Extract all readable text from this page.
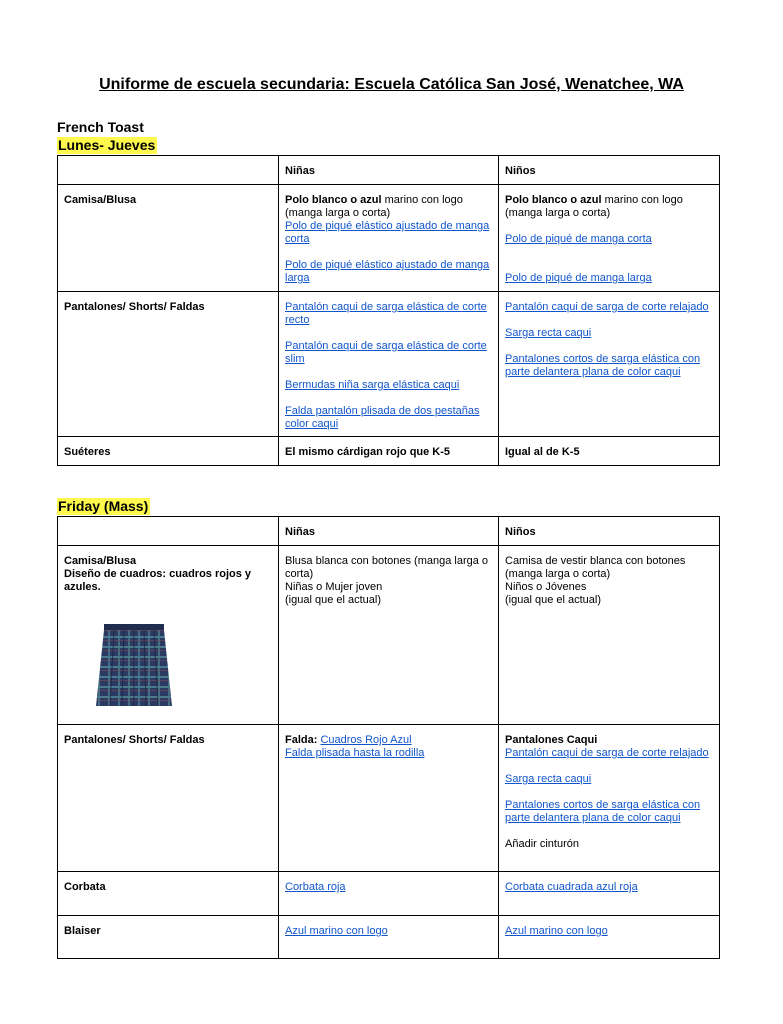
Uniforme de escuela secundaria: Escuela Católica San José, Wenatchee, WA
French Toast
Lunes- Jueves
	Niñas	Niños
Camisa/Blusa	Polo blanco o azul marino con logo (manga larga o corta)
Polo de piqué elástico ajustado de manga corta
Polo de piqué elástico ajustado de manga larga	Polo blanco o azul marino con logo (manga larga o corta)
Polo de piqué de manga corta
Polo de piqué de manga larga

Pantalones/ Shorts/ Faldas	Pantalón caqui de sarga elástica de corte recto
Pantalón caqui de sarga elástica de corte slim
Bermudas niña sarga elástica caqui
Falda pantalón plisada de dos pestañas color caqui	Pantalón caqui de sarga de corte relajado
Sarga recta caqui
Pantalones cortos de sarga elástica con parte delantera plana de color caqui

Suéteres	El mismo cárdigan rojo que K-5	Igual al de K-5
Friday (Mass)
	Niñas	Niños

Camisa/Blusa
Diseño de cuadros: cuadros rojos y azules.	Blusa blanca con botones (manga larga o corta)
Niñas o Mujer joven
(igual que el actual)	Camisa de vestir blanca con botones (manga larga o corta)
Niños o Jóvenes
(igual que el actual)

Pantalones/ Shorts/ Faldas	Falda: Cuadros Rojo Azul
Falda plisada hasta la rodilla	Pantalones Caqui
Pantalón caqui de sarga de corte relajado
Sarga recta caqui
Pantalones cortos de sarga elástica con parte delantera plana de color caqui
Añadir cinturón

Corbata	Corbata roja	Corbata cuadrada azul roja

Blaiser	Azul marino con logo	Azul marino con logo
